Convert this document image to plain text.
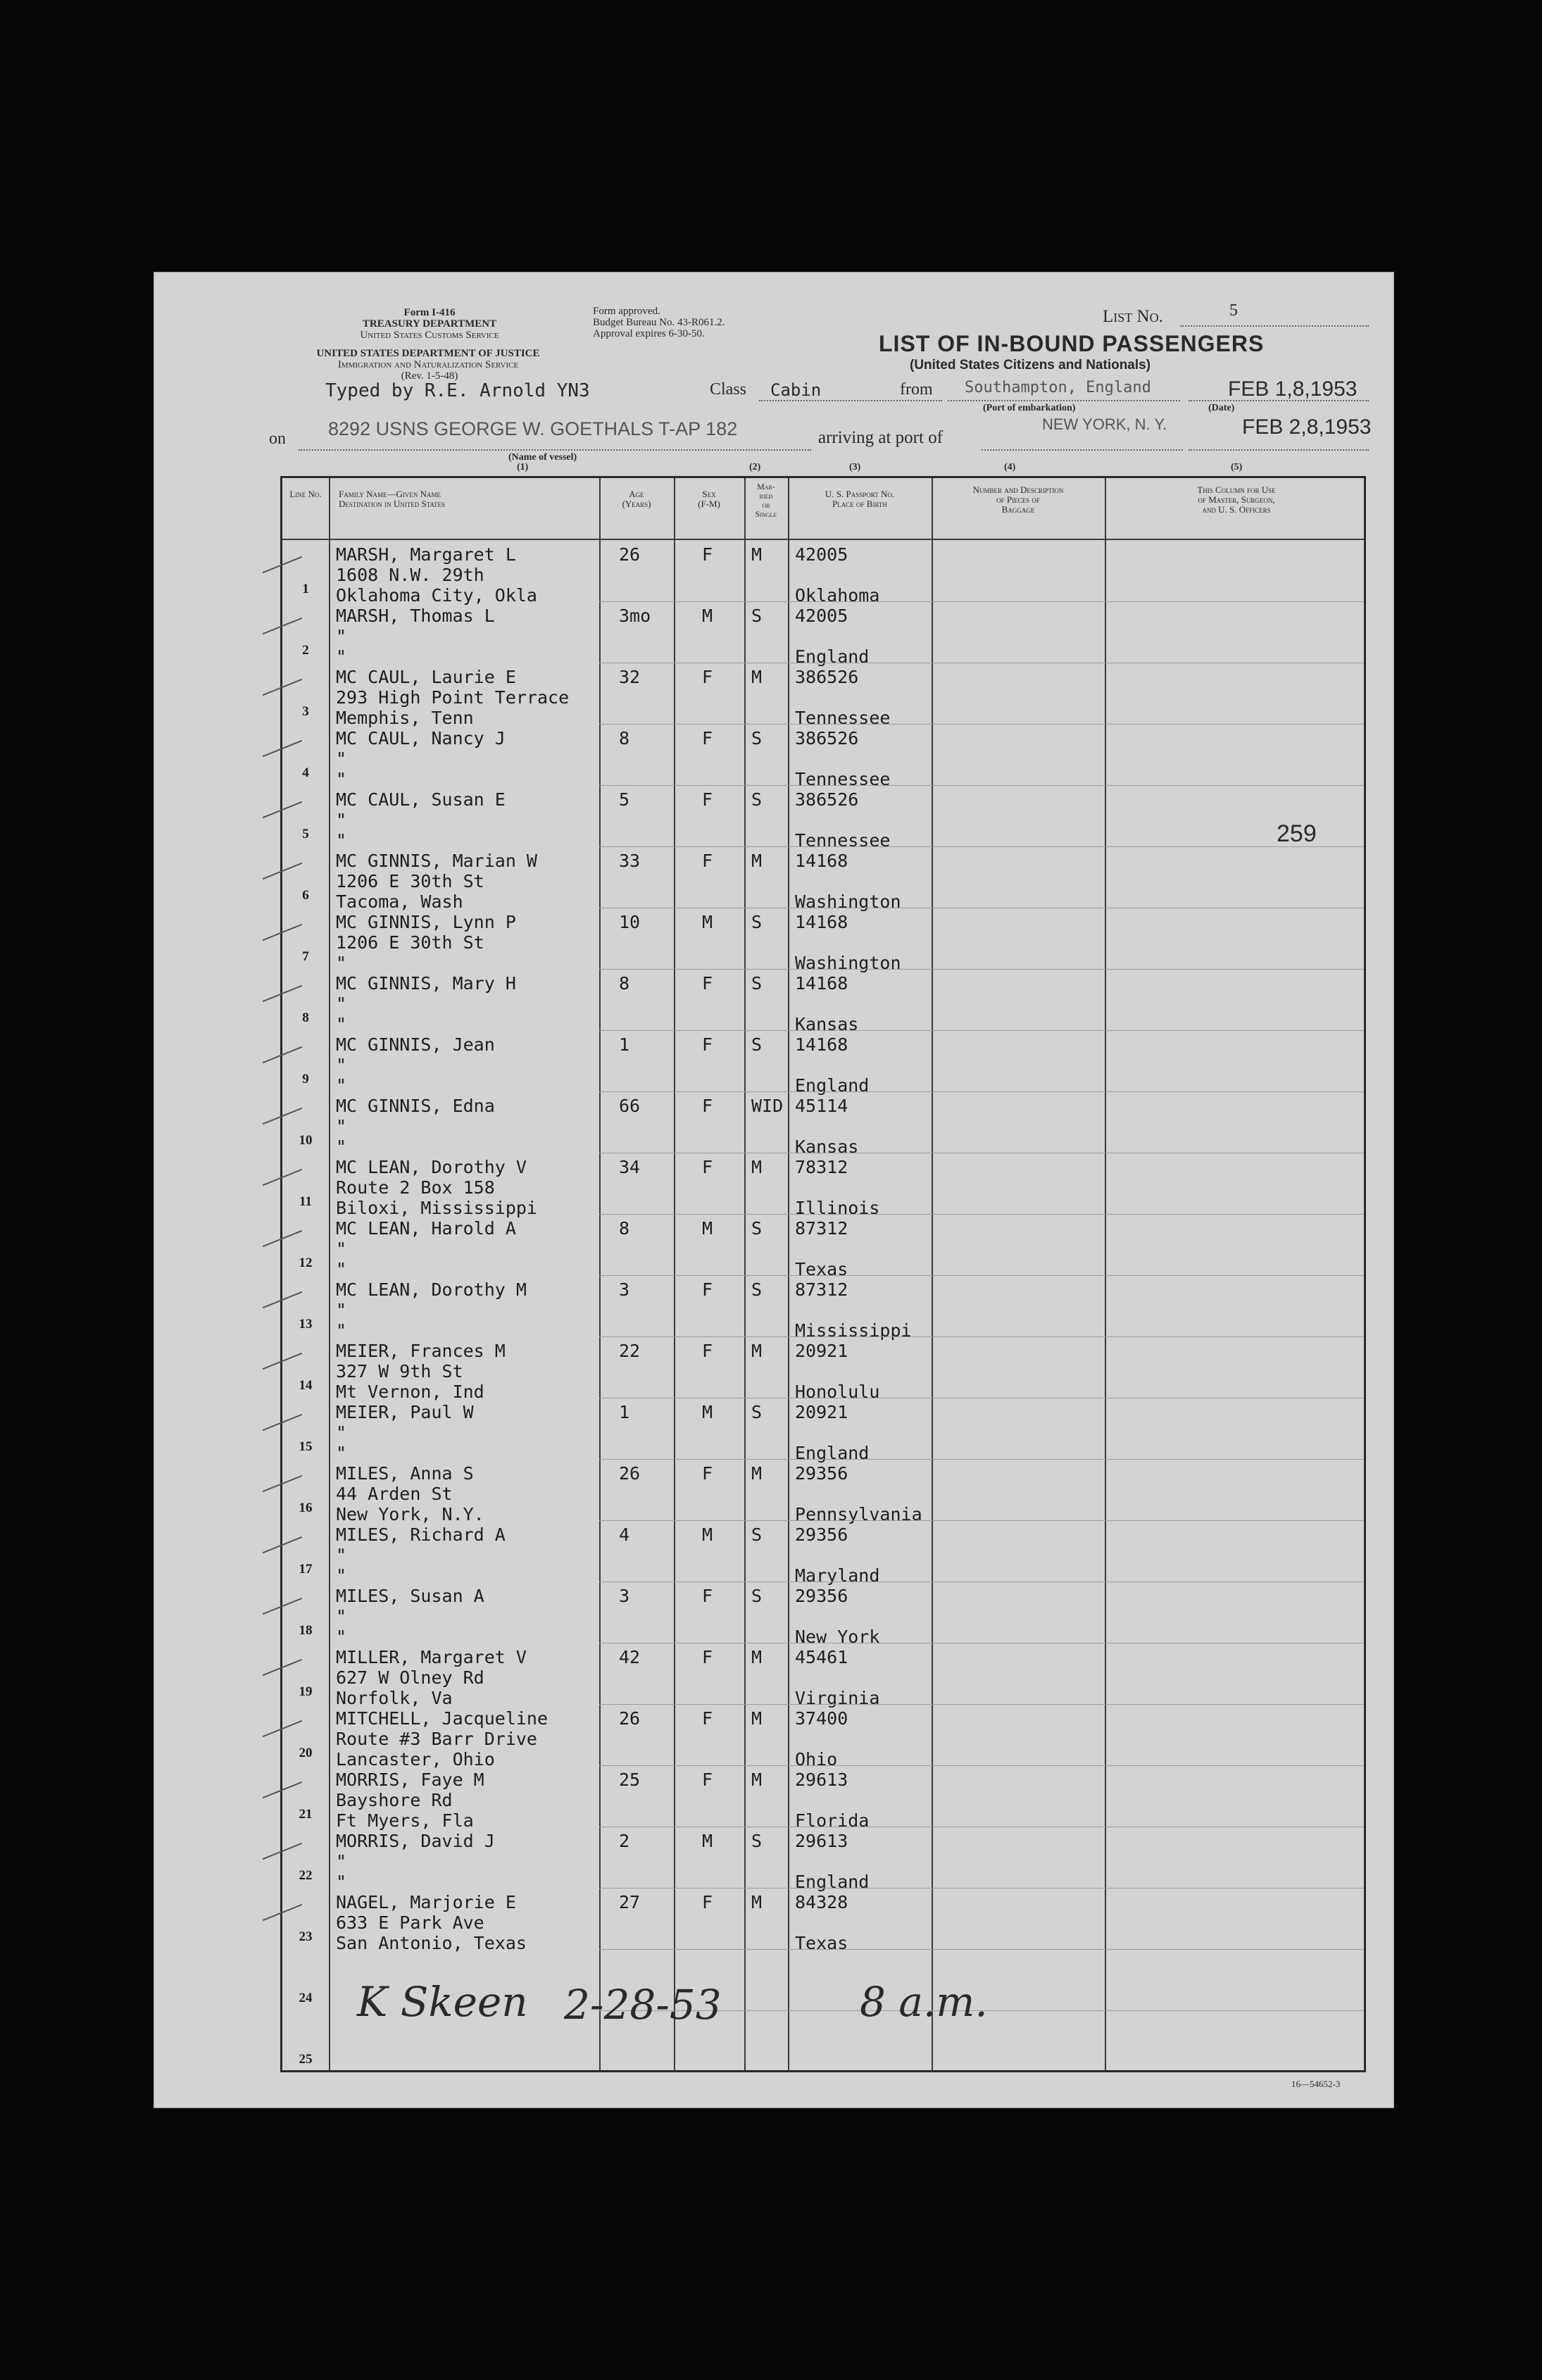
Form I-416
TREASURY DEPARTMENT
United States Customs Service
UNITED STATES DEPARTMENT OF JUSTICE
Immigration and Naturalization Service
(Rev. 1-5-48)
Form approved.
Budget Bureau No. 43-R061.2.
Approval expires 6-30-50.	LIST OF IN-BOUND PASSENGERS
(United States Citizens and Nationals)
List No.	5
Typed by R.E. Arnold YN3	Class Cabin	from Southampton, England
(Port of embarkation)
FEB 1,8,1953
(Date)
on 8292 USNS GEORGE W. GOETHALS T-AP 182
(Name of vessel)
arriving at port of
NEW YORK, N. Y.	FEB 2,8,1953
(1)	(2)	(3)	(4)	(5)
Line No.	Family Name—Given Name
Destination in United States
Age
(Years)
Sex
(F-M)
Mar-
ried
or
Single
U. S. Passport No.
Place of Birth
Number and Description
of Pieces of
Baggage
This Column for Use
of Master, Surgeon,
and U. S. Officers
1
MARSH, Margaret L
1608 N.W. 29th
Oklahoma City, Okla
26	F M 42005
Oklahoma
2
MARSH, Thomas L
"
"
3mo	M S 42005
England
3
MC CAUL, Laurie E
293 High Point Terrace
Memphis, Tenn
32	F M 386526
Tennessee
4
MC CAUL, Nancy J
"
"
8	F S 386526
Tennessee
5
MC CAUL, Susan E
"
"
5	F S 386526
Tennessee
6
MC GINNIS, Marian W
1206 E 30th St
Tacoma, Wash
33	F M 14168
Washington
7
MC GINNIS, Lynn P
1206 E 30th St
"
10	M S 14168
Washington
8
MC GINNIS, Mary H
"
"
8	F S 14168
Kansas
9
MC GINNIS, Jean
"
"
1	F S 14168
England
10
MC GINNIS, Edna
"
"
66	F WID 45114
Kansas
11
MC LEAN, Dorothy V
Route 2 Box 158
Biloxi, Mississippi
34	F M 78312
Illinois
12
MC LEAN, Harold A
"
"
8	M S 87312
Texas
13
MC LEAN, Dorothy M
"
"
3	F S 87312
Mississippi
14
MEIER, Frances M
327 W 9th St
Mt Vernon, Ind
22	F M 20921
Honolulu
15
MEIER, Paul W
"
"
1	M S 20921
England
16
MILES, Anna S
44 Arden St
New York, N.Y.
26	F M 29356
Pennsylvania
17
MILES, Richard A
"
"
4	M S 29356
Maryland
18
MILES, Susan A
"
"
3	F S 29356
New York
19
MILLER, Margaret V
627 W Olney Rd
Norfolk, Va
42	F M 45461
Virginia
20
MITCHELL, Jacqueline
Route #3 Barr Drive
Lancaster, Ohio
26	F M 37400
Ohio
21
MORRIS, Faye M
Bayshore Rd
Ft Myers, Fla
25	F M 29613
Florida
22
MORRIS, David J
"
"
2	M S 29613
England
23
NAGEL, Marjorie E
633 E Park Ave
San Antonio, Texas
27	F M 84328
Texas
24
25
259
K Skeen 2-28-53	8 a.m.
16—54652-3
